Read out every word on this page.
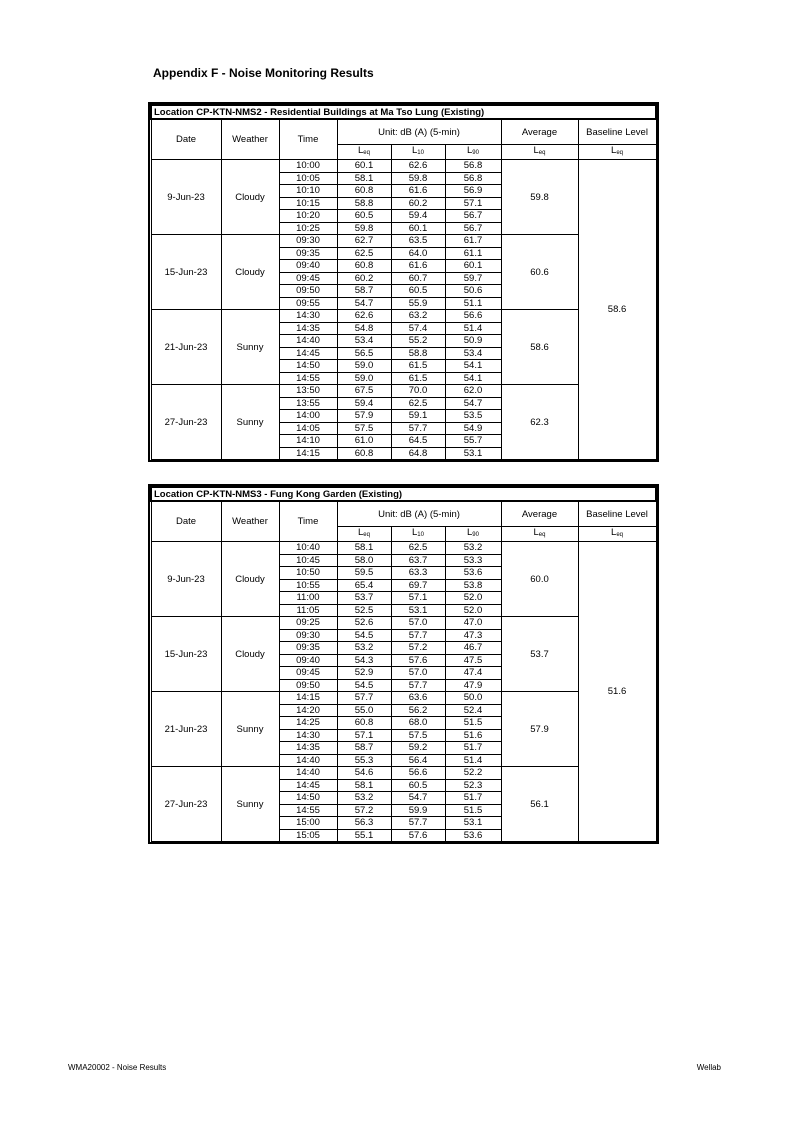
Appendix F - Noise Monitoring Results
Location CP-KTN-NMS2 - Residential Buildings at Ma Tso Lung (Existing)							
Date	Weather	Time	Unit: dB (A) (5-min)			Average	Baseline Level
			$L_{eq}$	$L_{10}$	$L_{90}$	$L_{eq}$	$L_{eq}$
9-Jun-23	Cloudy	10:00	60.1	62.6	56.8	59.8	58.6
		10:05	58.1	59.8	56.8		
		10:10	60.8	61.6	56.9		
		10:15	58.8	60.2	57.1		
		10:20	60.5	59.4	56.7		
		10:25	59.8	60.1	56.7		
15-Jun-23	Cloudy	09:30	62.7	63.5	61.7	60.6	
		09:35	62.5	64.0	61.1		
		09:40	60.8	61.6	60.1		
		09:45	60.2	60.7	59.7		
		09:50	58.7	60.5	50.6		
		09:55	54.7	55.9	51.1		
21-Jun-23	Sunny	14:30	62.6	63.2	56.6	58.6	
		14:35	54.8	57.4	51.4		
		14:40	53.4	55.2	50.9		
		14:45	56.5	58.8	53.4		
		14:50	59.0	61.5	54.1		
		14:55	59.0	61.5	54.1		
27-Jun-23	Sunny	13:50	67.5	70.0	62.0	62.3	
		13:55	59.4	62.5	54.7		
		14:00	57.9	59.1	53.5		
		14:05	57.5	57.7	54.9		
		14:10	61.0	64.5	55.7		
		14:15	60.8	64.8	53.1		
Location CP-KTN-NMS3 - Fung Kong Garden (Existing)							
Date	Weather	Time	Unit: dB (A) (5-min)			Average	Baseline Level
			$L_{eq}$	$L_{10}$	$L_{90}$	$L_{eq}$	$L_{eq}$
9-Jun-23	Cloudy	10:40	58.1	62.5	53.2	60.0	51.6
		10:45	58.0	63.7	53.3		
		10:50	59.5	63.3	53.6		
		10:55	65.4	69.7	53.8		
		11:00	53.7	57.1	52.0		
		11:05	52.5	53.1	52.0		
15-Jun-23	Cloudy	09:25	52.6	57.0	47.0	53.7	
		09:30	54.5	57.7	47.3		
		09:35	53.2	57.2	46.7		
		09:40	54.3	57.6	47.5		
		09:45	52.9	57.0	47.4		
		09:50	54.5	57.7	47.9		
21-Jun-23	Sunny	14:15	57.7	63.6	50.0	57.9	
		14:20	55.0	56.2	52.4		
		14:25	60.8	68.0	51.5		
		14:30	57.1	57.5	51.6		
		14:35	58.7	59.2	51.7		
		14:40	55.3	56.4	51.4		
27-Jun-23	Sunny	14:40	54.6	56.6	52.2	56.1	
		14:45	58.1	60.5	52.3		
		14:50	53.2	54.7	51.7		
		14:55	57.2	59.9	51.5		
		15:00	56.3	57.7	53.1		
		15:05	55.1	57.6	53.6		
WMA20002 - Noise Results	Wellab
